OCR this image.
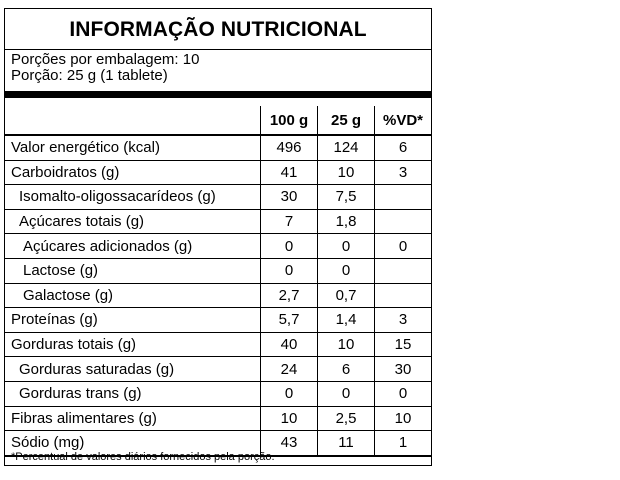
INFORMAÇÃO NUTRICIONAL
Porções por embalagem: 10
Porção: 25 g (1 tablete)
	100 g	25 g	%VD*
Valor energético (kcal)	496	124	6
Carboidratos (g)	41	10	3
Isomalto-oligossacarídeos (g)	30	7,5	
Açúcares totais (g)	7	1,8	
Açúcares adicionados (g)	0	0	0
Lactose (g)	0	0	
Galactose (g)	2,7	0,7	
Proteínas (g)	5,7	1,4	3
Gorduras totais (g)	40	10	15
Gorduras saturadas (g)	24	6	30
Gorduras trans (g)	0	0	0
Fibras alimentares (g)	10	2,5	10
Sódio (mg)	43	11	1
*Percentual de valores diários fornecidos pela porção.
